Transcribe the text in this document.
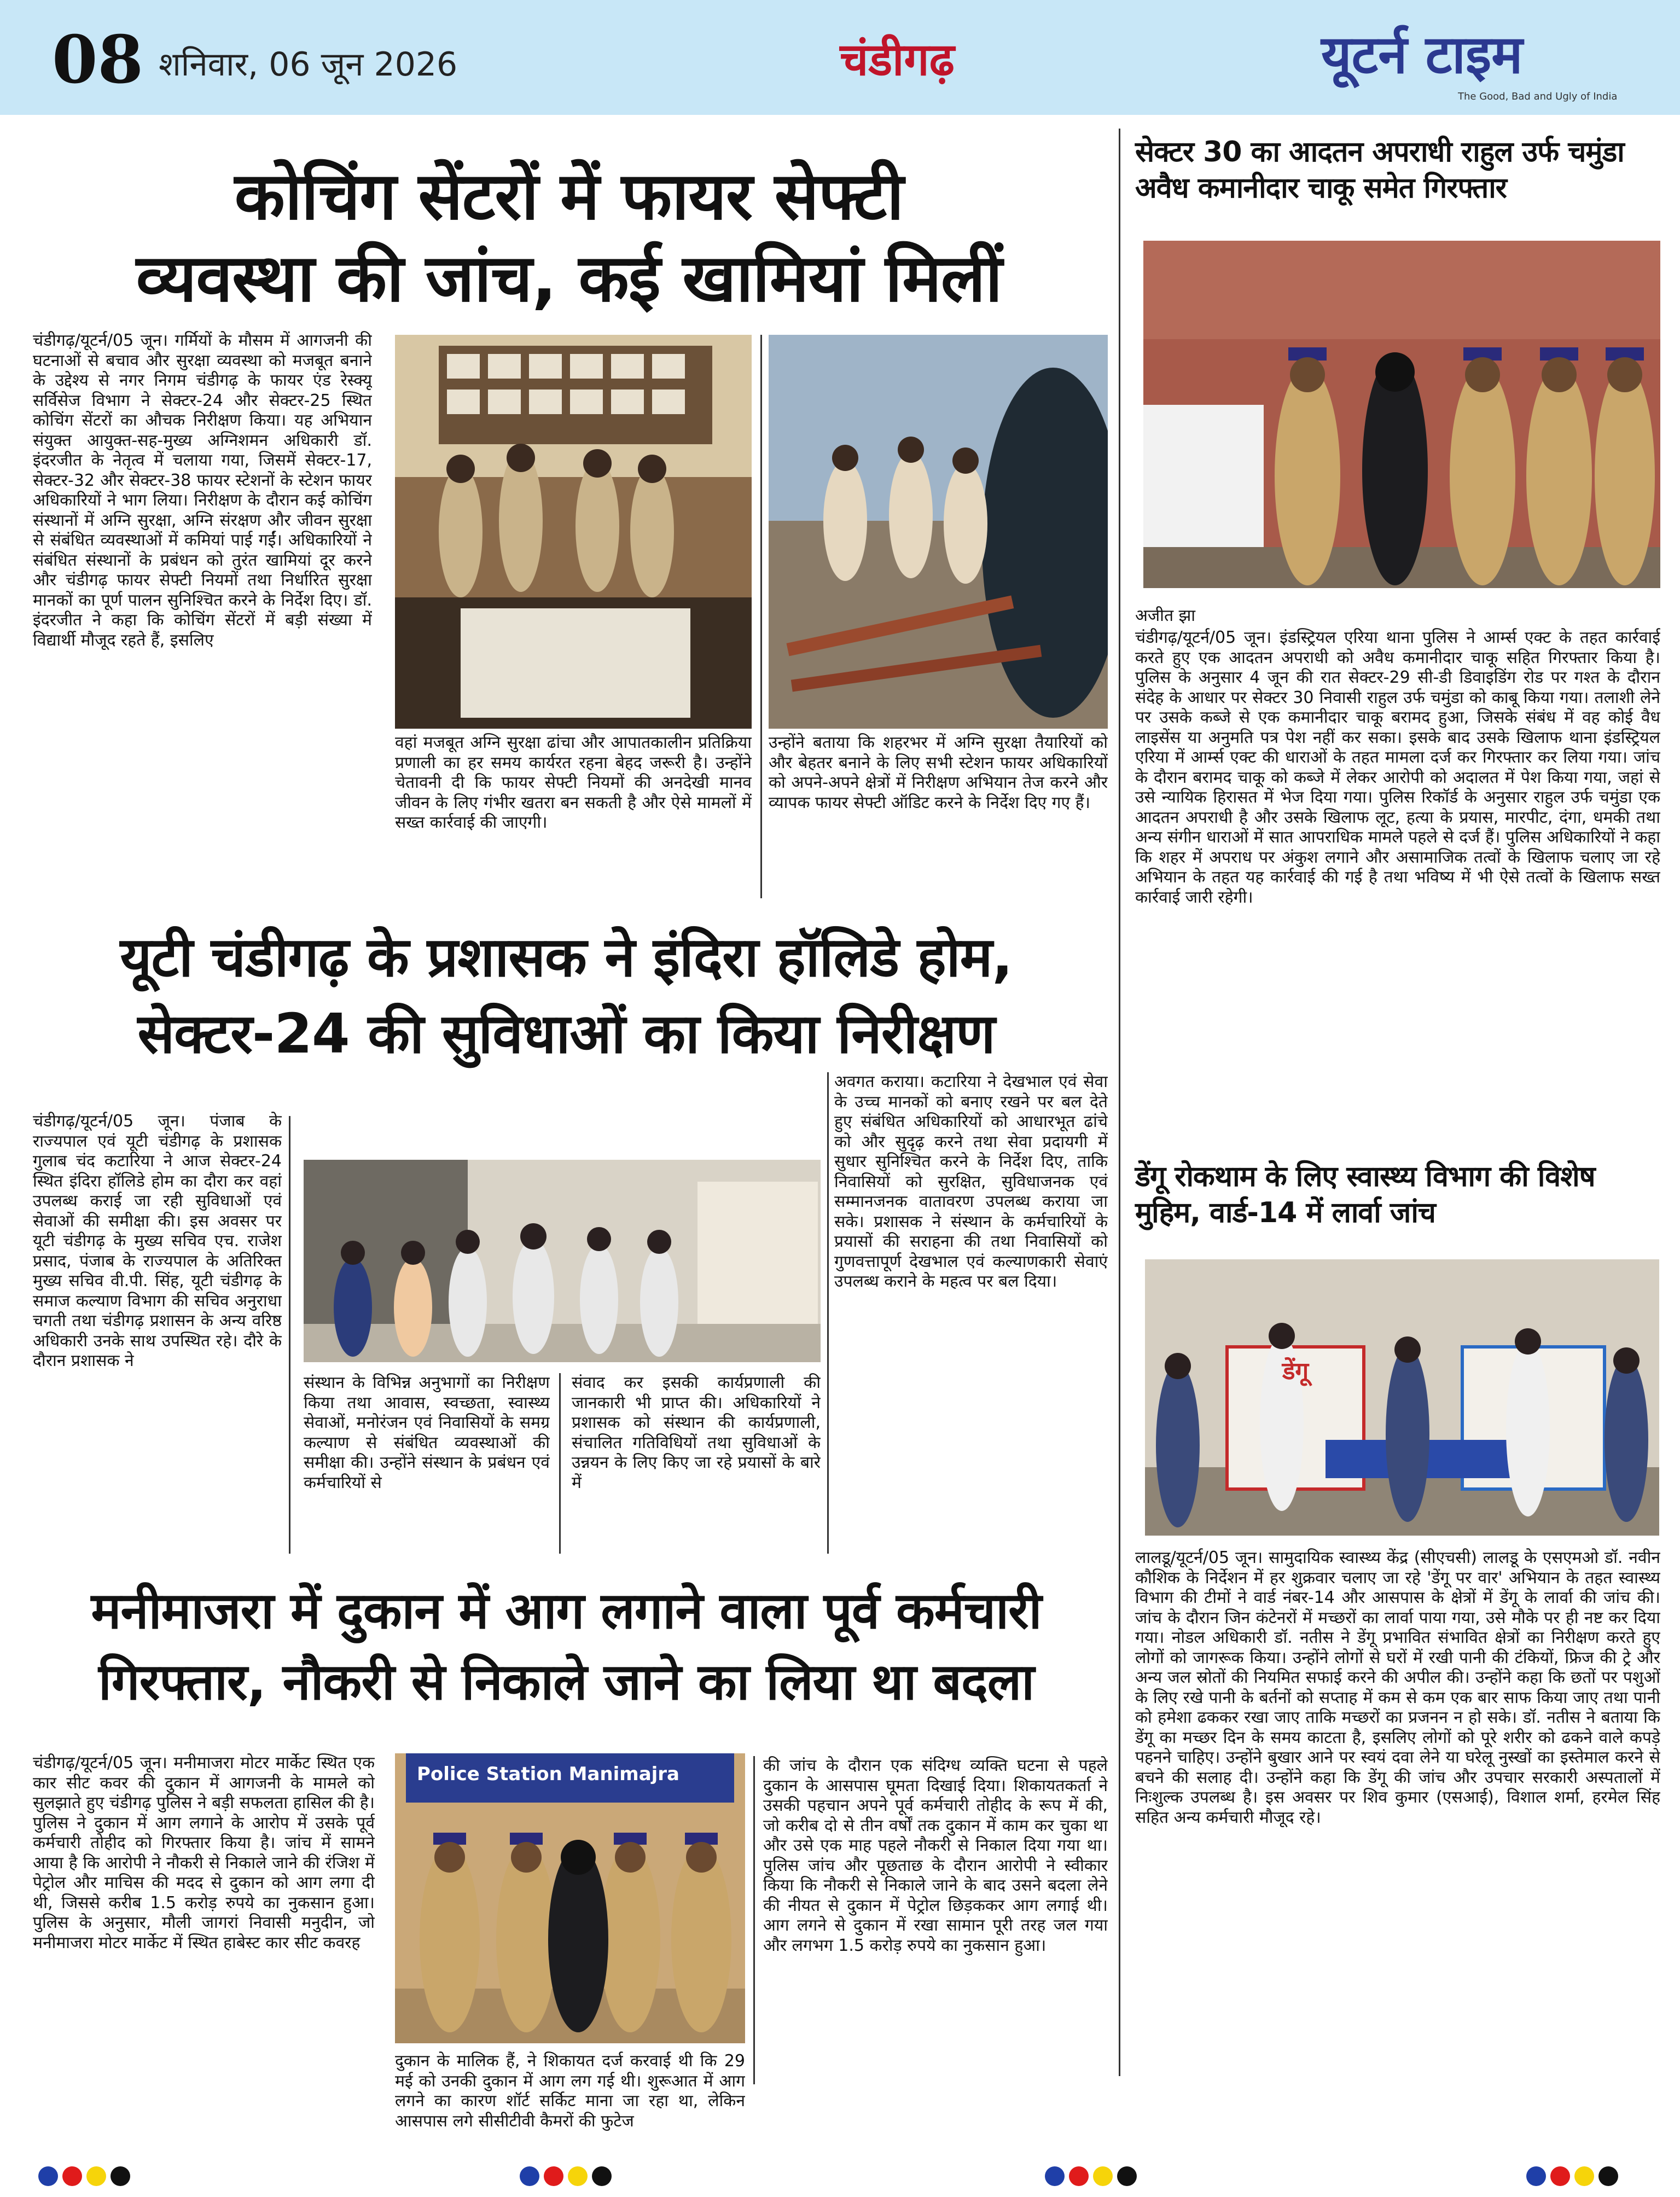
08 शनिवार, 06 जून 2026	चंडीगढ़	यूटर्न टाइम
The Good, Bad and Ugly of India
कोचिंग सेंटरों में फायर सेफ्टी
व्यवस्था की जांच, कई खामियां मिलीं
चंडीगढ़/यूटर्न/05 जून। गर्मियों के मौसम में आगजनी की घटनाओं से बचाव और सुरक्षा व्यवस्था को मजबूत बनाने के उद्देश्य से नगर निगम चंडीगढ़ के फायर एंड रेस्क्यू सर्विसेज विभाग ने सेक्टर-24 और सेक्टर-25 स्थित कोचिंग सेंटरों का औचक निरीक्षण किया। यह अभियान संयुक्त आयुक्त-सह-मुख्य अग्निशमन अधिकारी डॉ. इंदरजीत के नेतृत्व में चलाया गया, जिसमें सेक्टर-17, सेक्टर-32 और सेक्टर-38 फायर स्टेशनों के स्टेशन फायर अधिकारियों ने भाग लिया। निरीक्षण के दौरान कई कोचिंग संस्थानों में अग्नि सुरक्षा, अग्नि संरक्षण और जीवन सुरक्षा से संबंधित व्यवस्थाओं में कमियां पाई गईं। अधिकारियों ने संबंधित संस्थानों के प्रबंधन को तुरंत खामियां दूर करने और चंडीगढ़ फायर सेफ्टी नियमों तथा निर्धारित सुरक्षा मानकों का पूर्ण पालन सुनिश्चित करने के निर्देश दिए। डॉ. इंदरजीत ने कहा कि कोचिंग सेंटरों में बड़ी संख्या में विद्यार्थी मौजूद रहते हैं, इसलिए
वहां मजबूत अग्नि सुरक्षा ढांचा और आपातकालीन प्रतिक्रिया प्रणाली का हर समय कार्यरत रहना बेहद जरूरी है। उन्होंने चेतावनी दी कि फायर सेफ्टी नियमों की अनदेखी मानव जीवन के लिए गंभीर खतरा बन सकती है और ऐसे मामलों में सख्त कार्रवाई की जाएगी।
उन्होंने बताया कि शहरभर में अग्नि सुरक्षा तैयारियों को और बेहतर बनाने के लिए सभी स्टेशन फायर अधिकारियों को अपने-अपने क्षेत्रों में निरीक्षण अभियान तेज करने और व्यापक फायर सेफ्टी ऑडिट करने के निर्देश दिए गए हैं।
यूटी चंडीगढ़ के प्रशासक ने इंदिरा हॉलिडे होम,
सेक्टर-24 की सुविधाओं का किया निरीक्षण
चंडीगढ़/यूटर्न/05 जून। पंजाब के राज्यपाल एवं यूटी चंडीगढ़ के प्रशासक गुलाब चंद कटारिया ने आज सेक्टर-24 स्थित इंदिरा हॉलिडे होम का दौरा कर वहां उपलब्ध कराई जा रही सुविधाओं एवं सेवाओं की समीक्षा की। इस अवसर पर यूटी चंडीगढ़ के मुख्य सचिव एच. राजेश प्रसाद, पंजाब के राज्यपाल के अतिरिक्त मुख्य सचिव वी.पी. सिंह, यूटी चंडीगढ़ के समाज कल्याण विभाग की सचिव अनुराधा चगती तथा चंडीगढ़ प्रशासन के अन्य वरिष्ठ अधिकारी उनके साथ उपस्थित रहे। दौरे के दौरान प्रशासक ने
अवगत कराया। कटारिया ने देखभाल एवं सेवा के उच्च मानकों को बनाए रखने पर बल देते हुए संबंधित अधिकारियों को आधारभूत ढांचे को और सुदृढ़ करने तथा सेवा प्रदायगी में सुधार सुनिश्चित करने के निर्देश दिए, ताकि निवासियों को सुरक्षित, सुविधाजनक एवं सम्मानजनक वातावरण उपलब्ध कराया जा सके। प्रशासक ने संस्थान के कर्मचारियों के प्रयासों की सराहना की तथा निवासियों को गुणवत्तापूर्ण देखभाल एवं कल्याणकारी सेवाएं उपलब्ध कराने के महत्व पर बल दिया।
संस्थान के विभिन्न अनुभागों का निरीक्षण किया तथा आवास, स्वच्छता, स्वास्थ्य सेवाओं, मनोरंजन एवं निवासियों के समग्र कल्याण से संबंधित व्यवस्थाओं की समीक्षा की। उन्होंने संस्थान के प्रबंधन एवं कर्मचारियों से
संवाद कर इसकी कार्यप्रणाली की जानकारी भी प्राप्त की। अधिकारियों ने प्रशासक को संस्थान की कार्यप्रणाली, संचालित गतिविधियों तथा सुविधाओं के उन्नयन के लिए किए जा रहे प्रयासों के बारे में
मनीमाजरा में दुकान में आग लगाने वाला पूर्व कर्मचारी
गिरफ्तार, नौकरी से निकाले जाने का लिया था बदला
चंडीगढ़/यूटर्न/05 जून। मनीमाजरा मोटर मार्केट स्थित एक कार सीट कवर की दुकान में आगजनी के मामले को सुलझाते हुए चंडीगढ़ पुलिस ने बड़ी सफलता हासिल की है। पुलिस ने दुकान में आग लगाने के आरोप में उसके पूर्व कर्मचारी तोहीद को गिरफ्तार किया है। जांच में सामने आया है कि आरोपी ने नौकरी से निकाले जाने की रंजिश में पेट्रोल और माचिस की मदद से दुकान को आग लगा दी थी, जिससे करीब 1.5 करोड़ रुपये का नुकसान हुआ। पुलिस के अनुसार, मौली जागरां निवासी मनुदीन, जो मनीमाजरा मोटर मार्केट में स्थित हाबेस्ट कार सीट कवरह
Police Station Manimajra
दुकान के मालिक हैं, ने शिकायत दर्ज करवाई थी कि 29 मई को उनकी दुकान में आग लग गई थी। शुरूआत में आग लगने का कारण शॉर्ट सर्किट माना जा रहा था, लेकिन आसपास लगे सीसीटीवी कैमरों की फुटेज
की जांच के दौरान एक संदिग्ध व्यक्ति घटना से पहले दुकान के आसपास घूमता दिखाई दिया। शिकायतकर्ता ने उसकी पहचान अपने पूर्व कर्मचारी तोहीद के रूप में की, जो करीब दो से तीन वर्षों तक दुकान में काम कर चुका था और उसे एक माह पहले नौकरी से निकाल दिया गया था। पुलिस जांच और पूछताछ के दौरान आरोपी ने स्वीकार किया कि नौकरी से निकाले जाने के बाद उसने बदला लेने की नीयत से दुकान में पेट्रोल छिड़ककर आग लगाई थी। आग लगने से दुकान में रखा सामान पूरी तरह जल गया और लगभग 1.5 करोड़ रुपये का नुकसान हुआ।
सेक्टर 30 का आदतन अपराधी राहुल उर्फ चमुंडा
अवैध कमानीदार चाकू समेत गिरफ्तार
अजीत झा
चंडीगढ़/यूटर्न/05 जून। इंडस्ट्रियल एरिया थाना पुलिस ने आर्म्स एक्ट के तहत कार्रवाई करते हुए एक आदतन अपराधी को अवैध कमानीदार चाकू सहित गिरफ्तार किया है। पुलिस के अनुसार 4 जून की रात सेक्टर-29 सी-डी डिवाइडिंग रोड पर गश्त के दौरान संदेह के आधार पर सेक्टर 30 निवासी राहुल उर्फ चमुंडा को काबू किया गया। तलाशी लेने पर उसके कब्जे से एक कमानीदार चाकू बरामद हुआ, जिसके संबंध में वह कोई वैध लाइसेंस या अनुमति पत्र पेश नहीं कर सका। इसके बाद उसके खिलाफ थाना इंडस्ट्रियल एरिया में आर्म्स एक्ट की धाराओं के तहत मामला दर्ज कर गिरफ्तार कर लिया गया। जांच के दौरान बरामद चाकू को कब्जे में लेकर आरोपी को अदालत में पेश किया गया, जहां से उसे न्यायिक हिरासत में भेज दिया गया। पुलिस रिकॉर्ड के अनुसार राहुल उर्फ चमुंडा एक आदतन अपराधी है और उसके खिलाफ लूट, हत्या के प्रयास, मारपीट, दंगा, धमकी तथा अन्य संगीन धाराओं में सात आपराधिक मामले पहले से दर्ज हैं। पुलिस अधिकारियों ने कहा कि शहर में अपराध पर अंकुश लगाने और असामाजिक तत्वों के खिलाफ चलाए जा रहे अभियान के तहत यह कार्रवाई की गई है तथा भविष्य में भी ऐसे तत्वों के खिलाफ सख्त कार्रवाई जारी रहेगी।
डेंगू रोकथाम के लिए स्वास्थ्य विभाग की विशेष
मुहिम, वार्ड-14 में लार्वा जांच
डेंगू
लालडू/यूटर्न/05 जून। सामुदायिक स्वास्थ्य केंद्र (सीएचसी) लालडू के एसएमओ डॉ. नवीन कौशिक के निर्देशन में हर शुक्रवार चलाए जा रहे 'डेंगू पर वार' अभियान के तहत स्वास्थ्य विभाग की टीमों ने वार्ड नंबर-14 और आसपास के क्षेत्रों में डेंगू के लार्वा की जांच की। जांच के दौरान जिन कंटेनरों में मच्छरों का लार्वा पाया गया, उसे मौके पर ही नष्ट कर दिया गया। नोडल अधिकारी डॉ. नतीस ने डेंगू प्रभावित संभावित क्षेत्रों का निरीक्षण करते हुए लोगों को जागरूक किया। उन्होंने लोगों से घरों में रखी पानी की टंकियों, फ्रिज की ट्रे और अन्य जल स्रोतों की नियमित सफाई करने की अपील की। उन्होंने कहा कि छतों पर पशुओं के लिए रखे पानी के बर्तनों को सप्ताह में कम से कम एक बार साफ किया जाए तथा पानी को हमेशा ढककर रखा जाए ताकि मच्छरों का प्रजनन न हो सके। डॉ. नतीस ने बताया कि डेंगू का मच्छर दिन के समय काटता है, इसलिए लोगों को पूरे शरीर को ढकने वाले कपड़े पहनने चाहिए। उन्होंने बुखार आने पर स्वयं दवा लेने या घरेलू नुस्खों का इस्तेमाल करने से बचने की सलाह दी। उन्होंने कहा कि डेंगू की जांच और उपचार सरकारी अस्पतालों में निःशुल्क उपलब्ध है। इस अवसर पर शिव कुमार (एसआई), विशाल शर्मा, हरमेल सिंह सहित अन्य कर्मचारी मौजूद रहे।
